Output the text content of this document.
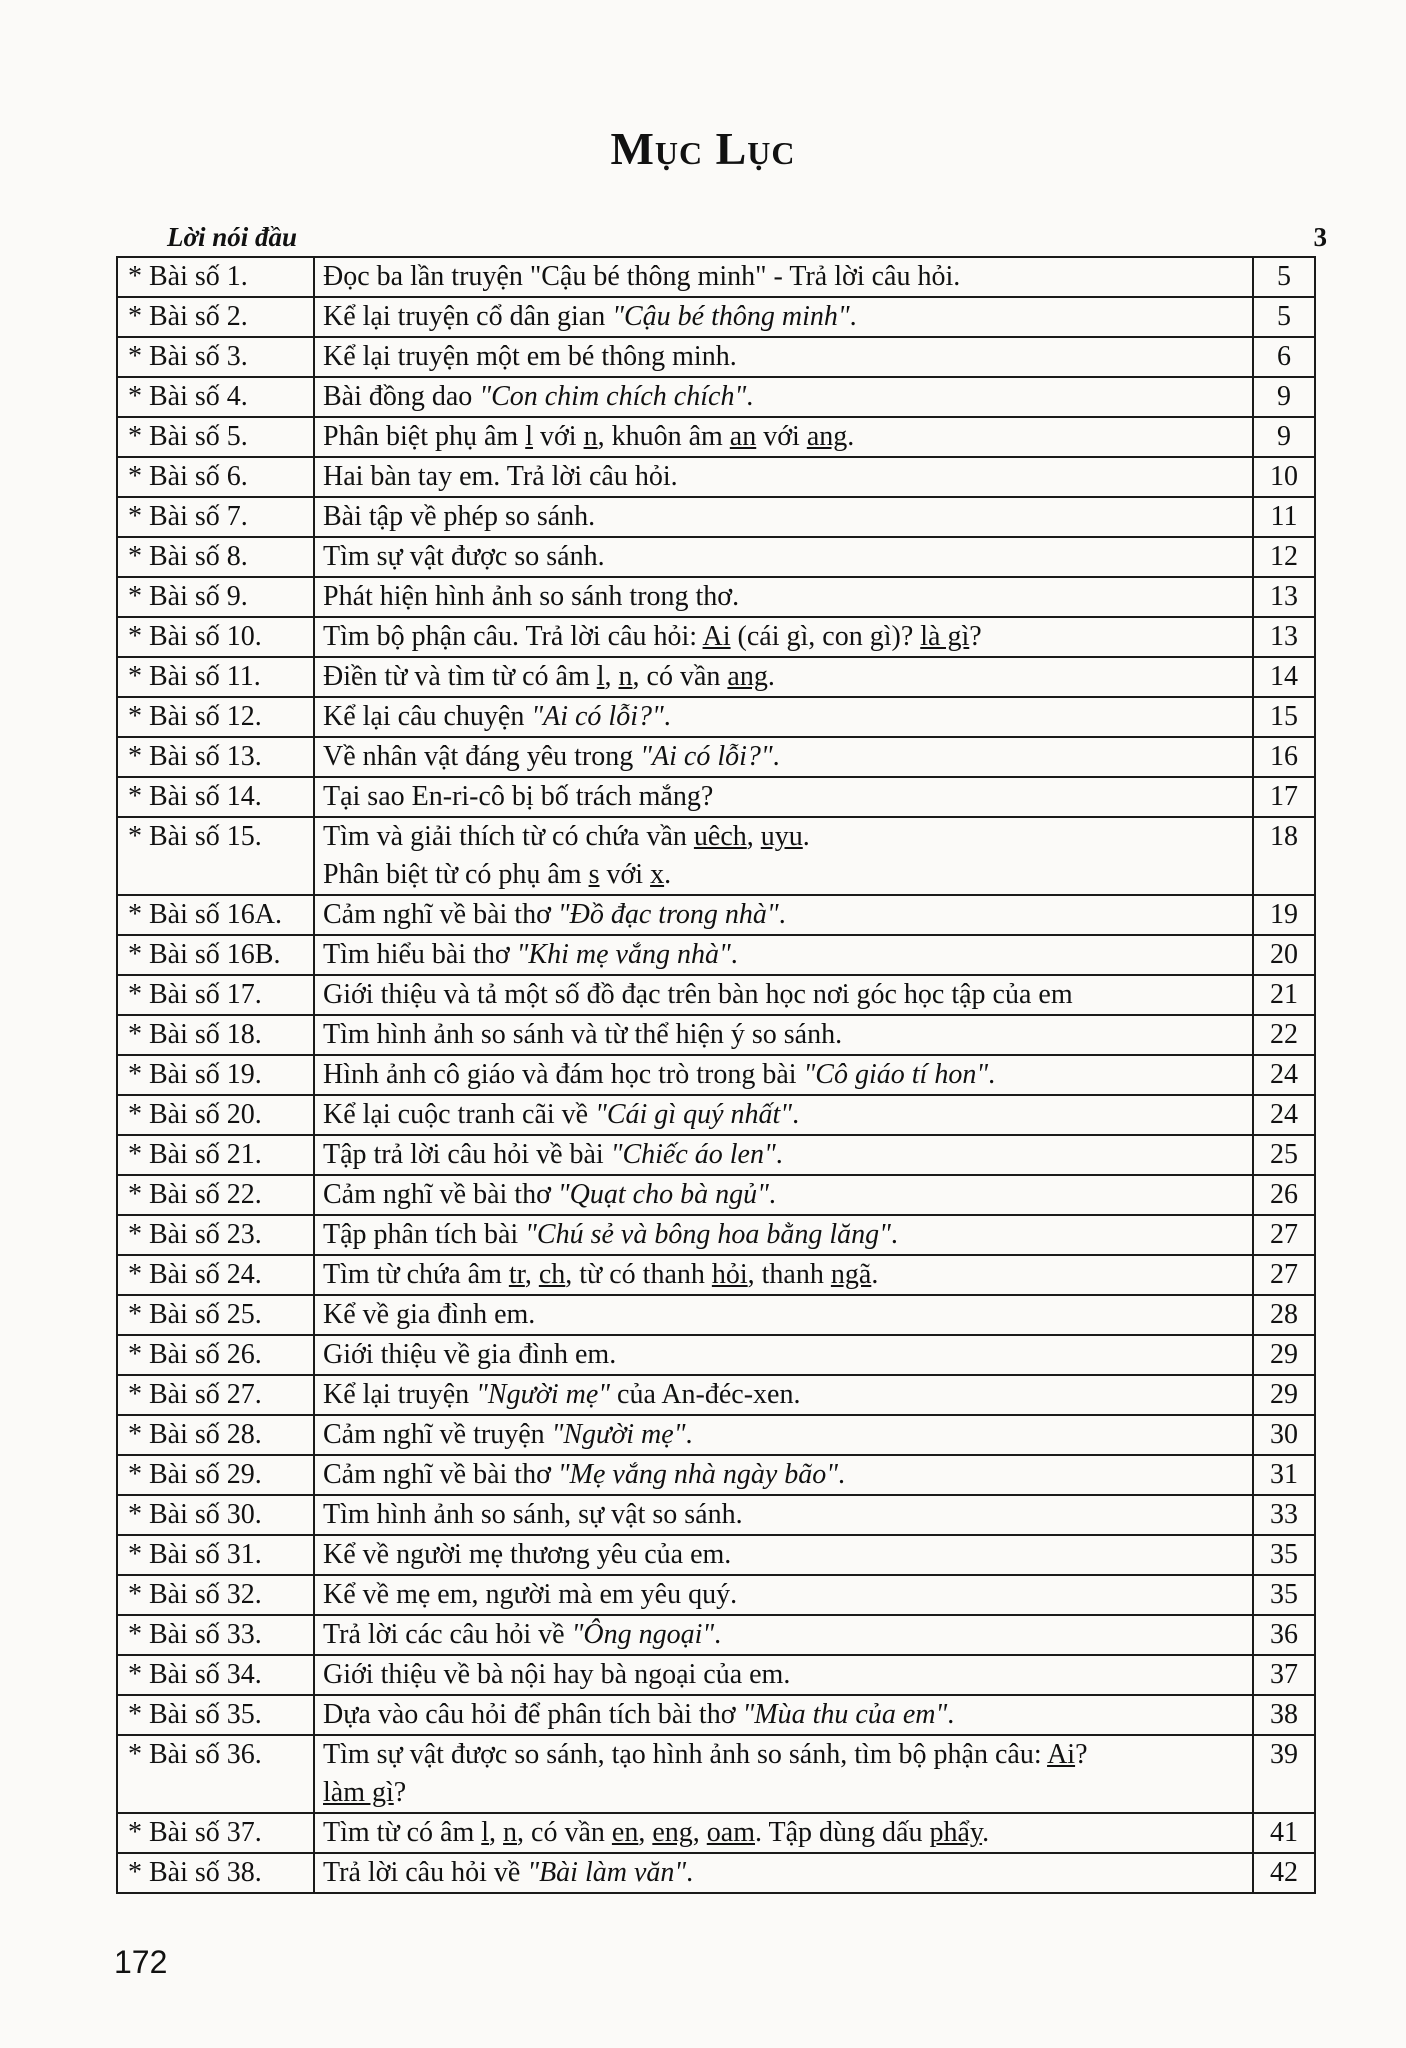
Mục Lục
Lời nói đầu	3
* Bài số 1.	Đọc ba lần truyện "Cậu bé thông minh" - Trả lời câu hỏi.	5
* Bài số 2.	Kể lại truyện cổ dân gian "Cậu bé thông minh".	5
* Bài số 3.	Kể lại truyện một em bé thông minh.	6
* Bài số 4.	Bài đồng dao "Con chim chích chích".	9
* Bài số 5.	Phân biệt phụ âm l với n, khuôn âm an với ang.	9
* Bài số 6.	Hai bàn tay em. Trả lời câu hỏi.	10
* Bài số 7.	Bài tập về phép so sánh.	11
* Bài số 8.	Tìm sự vật được so sánh.	12
* Bài số 9.	Phát hiện hình ảnh so sánh trong thơ.	13
* Bài số 10.	Tìm bộ phận câu. Trả lời câu hỏi: Ai (cái gì, con gì)? là gì?	13
* Bài số 11.	Điền từ và tìm từ có âm l, n, có vần ang.	14
* Bài số 12.	Kể lại câu chuyện "Ai có lỗi?".	15
* Bài số 13.	Về nhân vật đáng yêu trong "Ai có lỗi?".	16
* Bài số 14.	Tại sao En-ri-cô bị bố trách mắng?	17
* Bài số 15.	Tìm và giải thích từ có chứa vần uêch, uyu.
Phân biệt từ có phụ âm s với x.	18
* Bài số 16A.	Cảm nghĩ về bài thơ "Đồ đạc trong nhà".	19
* Bài số 16B.	Tìm hiểu bài thơ "Khi mẹ vắng nhà".	20
* Bài số 17.	Giới thiệu và tả một số đồ đạc trên bàn học nơi góc học tập của em	21
* Bài số 18.	Tìm hình ảnh so sánh và từ thể hiện ý so sánh.	22
* Bài số 19.	Hình ảnh cô giáo và đám học trò trong bài "Cô giáo tí hon".	24
* Bài số 20.	Kể lại cuộc tranh cãi về "Cái gì quý nhất".	24
* Bài số 21.	Tập trả lời câu hỏi về bài "Chiếc áo len".	25
* Bài số 22.	Cảm nghĩ về bài thơ "Quạt cho bà ngủ".	26
* Bài số 23.	Tập phân tích bài "Chú sẻ và bông hoa bằng lăng".	27
* Bài số 24.	Tìm từ chứa âm tr, ch, từ có thanh hỏi, thanh ngã.	27
* Bài số 25.	Kể về gia đình em.	28
* Bài số 26.	Giới thiệu về gia đình em.	29
* Bài số 27.	Kể lại truyện "Người mẹ" của An-đéc-xen.	29
* Bài số 28.	Cảm nghĩ về truyện "Người mẹ".	30
* Bài số 29.	Cảm nghĩ về bài thơ "Mẹ vắng nhà ngày bão".	31
* Bài số 30.	Tìm hình ảnh so sánh, sự vật so sánh.	33
* Bài số 31.	Kể về người mẹ thương yêu của em.	35
* Bài số 32.	Kể về mẹ em, người mà em yêu quý.	35
* Bài số 33.	Trả lời các câu hỏi về "Ông ngoại".	36
* Bài số 34.	Giới thiệu về bà nội hay bà ngoại của em.	37
* Bài số 35.	Dựa vào câu hỏi để phân tích bài thơ "Mùa thu của em".	38
* Bài số 36.	Tìm sự vật được so sánh, tạo hình ảnh so sánh, tìm bộ phận câu: Ai?
làm gì?	39
* Bài số 37.	Tìm từ có âm l, n, có vần en, eng, oam. Tập dùng dấu phẩy.	41
* Bài số 38.	Trả lời câu hỏi về "Bài làm văn".	42
172
